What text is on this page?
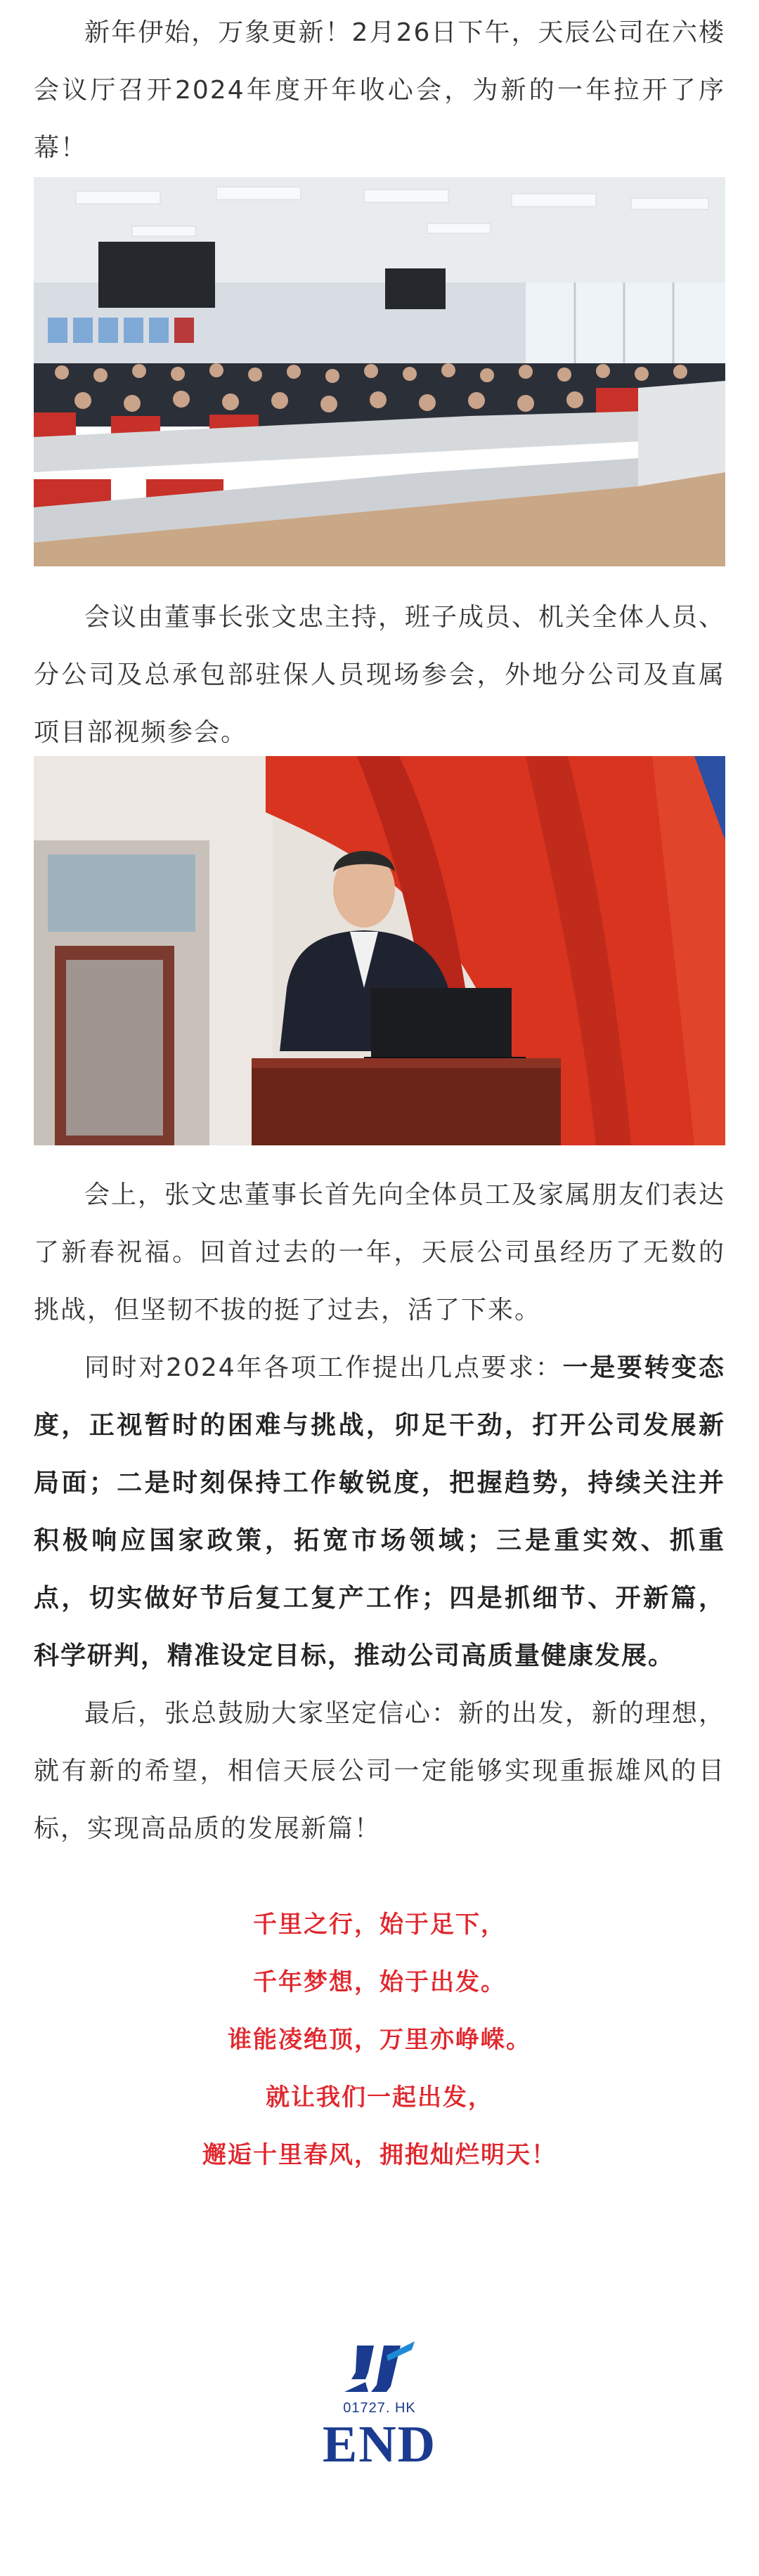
新年伊始，万象更新！2月26日下午，天辰公司在六楼会议厅召开2024年度开年收心会，为新的一年拉开了序幕！

会议由董事长张文忠主持，班子成员、机关全体人员、分公司及总承包部驻保人员现场参会，外地分公司及直属项目部视频参会。

会上，张文忠董事长首先向全体员工及家属朋友们表达了新春祝福。回首过去的一年，天辰公司虽经历了无数的挑战，但坚韧不拔的挺了过去，活了下来。

同时对2024年各项工作提出几点要求：一是要转变态度，正视暂时的困难与挑战，卯足干劲，打开公司发展新局面；二是时刻保持工作敏锐度，把握趋势，持续关注并积极响应国家政策，拓宽市场领域；三是重实效、抓重点，切实做好节后复工复产工作；四是抓细节、开新篇，科学研判，精准设定目标，推动公司高质量健康发展。

最后，张总鼓励大家坚定信心：新的出发，新的理想，就有新的希望，相信天辰公司一定能够实现重振雄风的目标，实现高品质的发展新篇！

千里之行，始于足下，
千年梦想，始于出发。
谁能凌绝顶，万里亦峥嵘。
就让我们一起出发，
邂逅十里春风，拥抱灿烂明天！
01727. HK
END
